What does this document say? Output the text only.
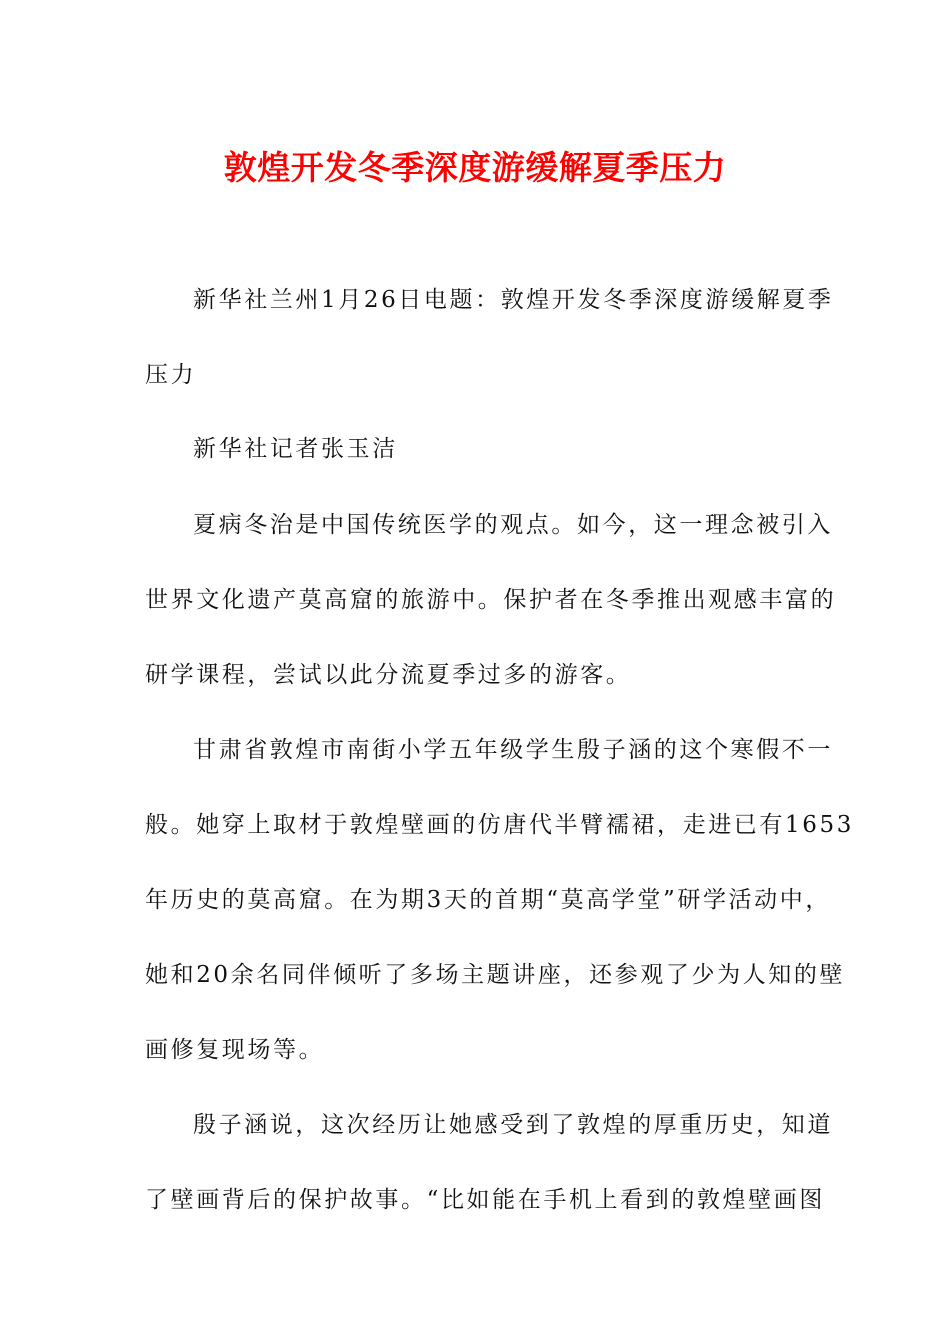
敦煌开发冬季深度游缓解夏季压力
新华社兰州1月26日电题：敦煌开发冬季深度游缓解夏季
压力
新华社记者张玉洁
夏病冬治是中国传统医学的观点。如今，这一理念被引入
世界文化遗产莫高窟的旅游中。保护者在冬季推出观感丰富的
研学课程，尝试以此分流夏季过多的游客。
甘肃省敦煌市南街小学五年级学生殷子涵的这个寒假不一
般。她穿上取材于敦煌壁画的仿唐代半臂襦裙，走进已有1653
年历史的莫高窟。在为期3天的首期“莫高学堂”研学活动中，
她和20余名同伴倾听了多场主题讲座，还参观了少为人知的壁
画修复现场等。
殷子涵说，这次经历让她感受到了敦煌的厚重历史，知道
了壁画背后的保护故事。“比如能在手机上看到的敦煌壁画图
